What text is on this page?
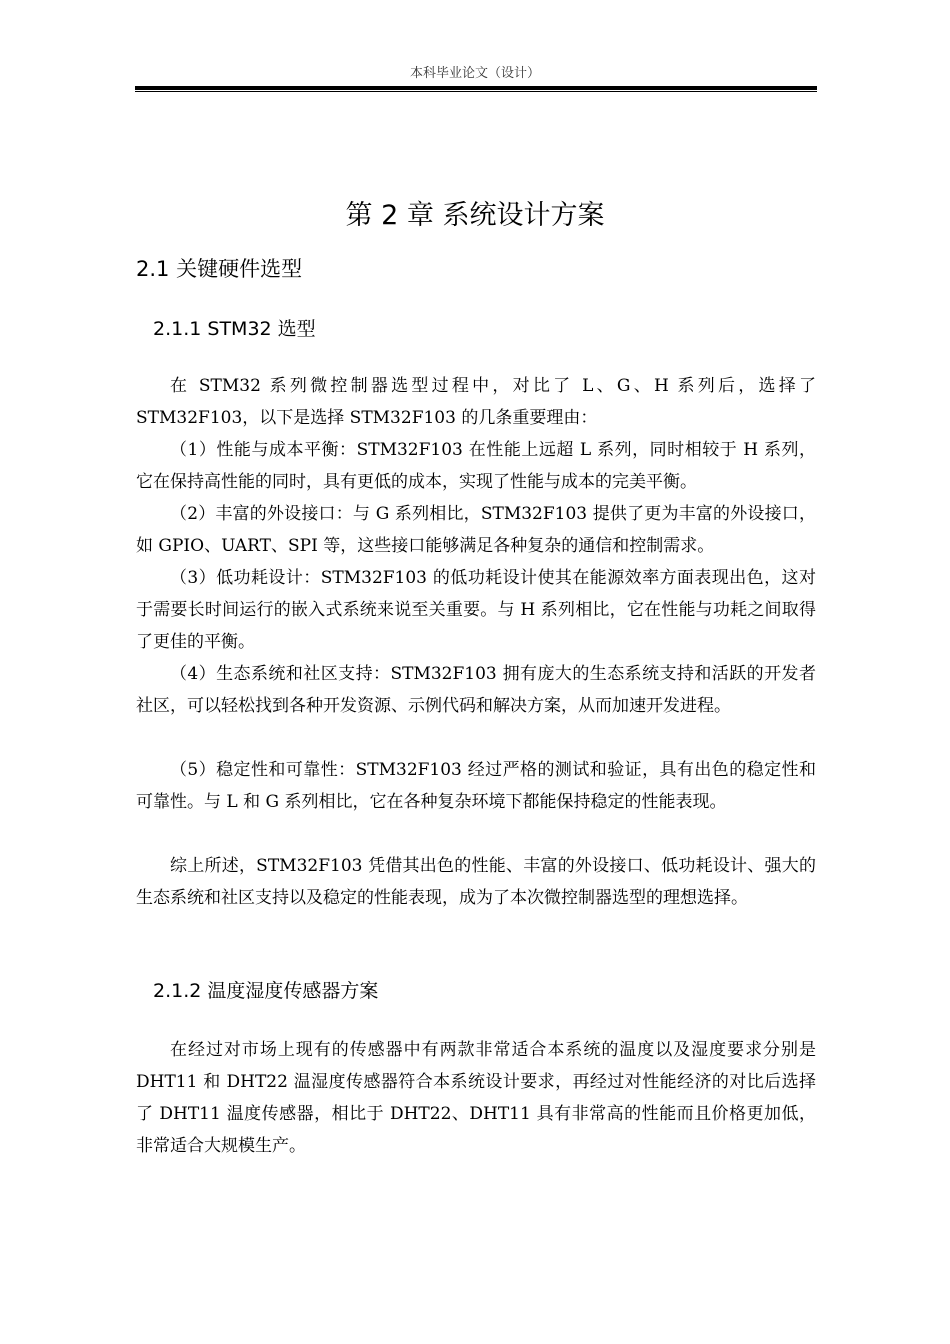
本科毕业论文（设计）
第 2 章 系统设计方案
2.1 关键硬件选型
2.1.1 STM32 选型

在 STM32 系列微控制器选型过程中，对比了 L、G、H 系列后，选择了 STM32F103，以下是选择 STM32F103 的几条重要理由：

（1）性能与成本平衡：STM32F103 在性能上远超 L 系列，同时相较于 H 系列，它在保持高性能的同时，具有更低的成本，实现了性能与成本的完美平衡。

（2）丰富的外设接口：与 G 系列相比，STM32F103 提供了更为丰富的外设接口，如 GPIO、UART、SPI 等，这些接口能够满足各种复杂的通信和控制需求。

（3）低功耗设计：STM32F103 的低功耗设计使其在能源效率方面表现出色，这对于需要长时间运行的嵌入式系统来说至关重要。与 H 系列相比，它在性能与功耗之间取得了更佳的平衡。

（4）生态系统和社区支持：STM32F103 拥有庞大的生态系统支持和活跃的开发者社区，可以轻松找到各种开发资源、示例代码和解决方案，从而加速开发进程。

（5）稳定性和可靠性：STM32F103 经过严格的测试和验证，具有出色的稳定性和可靠性。与 L 和 G 系列相比，它在各种复杂环境下都能保持稳定的性能表现。

综上所述，STM32F103 凭借其出色的性能、丰富的外设接口、低功耗设计、强大的生态系统和社区支持以及稳定的性能表现，成为了本次微控制器选型的理想选择。

2.1.2 温度湿度传感器方案

在经过对市场上现有的传感器中有两款非常适合本系统的温度以及湿度要求分别是 DHT11 和 DHT22 温湿度传感器符合本系统设计要求，再经过对性能经济的对比后选择了 DHT11 温度传感器，相比于 DHT22、DHT11 具有非常高的性能而且价格更加低，非常适合大规模生产。
